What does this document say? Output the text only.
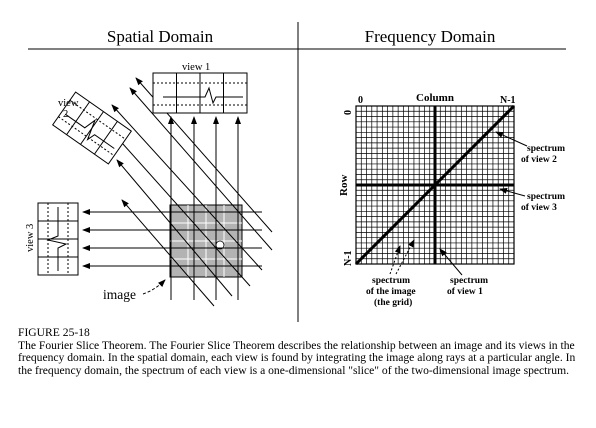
Spatial Domain	Frequency Domain
view 1
view
2
view 3
image
Column
0	N-1
Row
0
N-1
spectrum
of view 2
spectrum
of view 3
spectrum
of view 1
spectrum
of the image
(the grid)
FIGURE 25-18
The Fourier Slice Theorem. The Fourier Slice Theorem describes the relationship between an image and its views in the frequency domain. In the spatial domain, each view is found by integrating the image along rays at a particular angle. In the frequency domain, the spectrum of each view is a one-dimensional "slice" of the two-dimensional image spectrum.
